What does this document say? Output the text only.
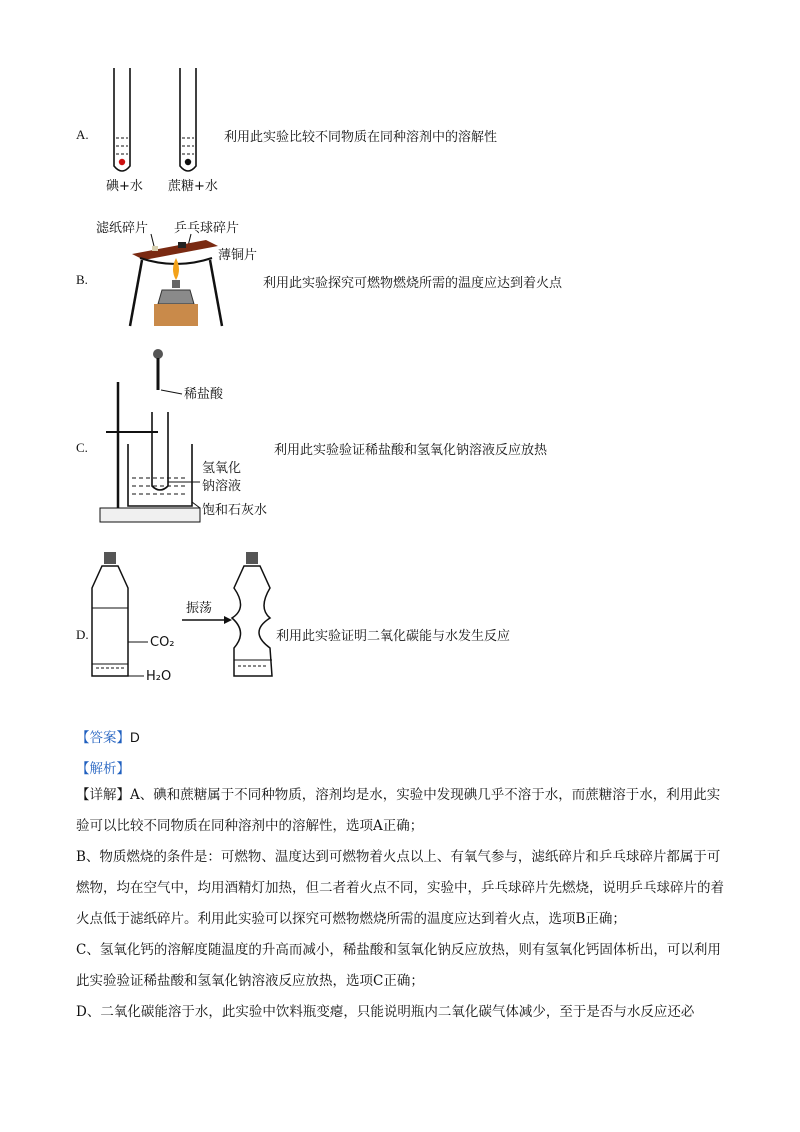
A.
碘+水 蔗糖+水
利用此实验比较不同物质在同种溶剂中的溶解性
B.
滤纸碎片 乒乓球碎片
薄铜片
利用此实验探究可燃物燃烧所需的温度应达到着火点
C.
稀盐酸
氢氧化
钠溶液
饱和石灰水
利用此实验验证稀盐酸和氢氧化钠溶液反应放热
D.
CO₂
H₂O
振荡
利用此实验证明二氧化碳能与水发生反应
【答案】D
【解析】
【详解】A、碘和蔗糖属于不同种物质，溶剂均是水，实验中发现碘几乎不溶于水，而蔗糖溶于水，利用此实验可以比较不同物质在同种溶剂中的溶解性，选项A正确；
B、物质燃烧的条件是：可燃物、温度达到可燃物着火点以上、有氧气参与，滤纸碎片和乒乓球碎片都属于可燃物，均在空气中，均用酒精灯加热，但二者着火点不同，实验中，乒乓球碎片先燃烧，说明乒乓球碎片的着火点低于滤纸碎片。利用此实验可以探究可燃物燃烧所需的温度应达到着火点，选项B正确；
C、氢氧化钙的溶解度随温度的升高而减小，稀盐酸和氢氧化钠反应放热，则有氢氧化钙固体析出，可以利用此实验验证稀盐酸和氢氧化钠溶液反应放热，选项C正确；
D、二氧化碳能溶于水，此实验中饮料瓶变瘪，只能说明瓶内二氧化碳气体减少，至于是否与水反应还必
